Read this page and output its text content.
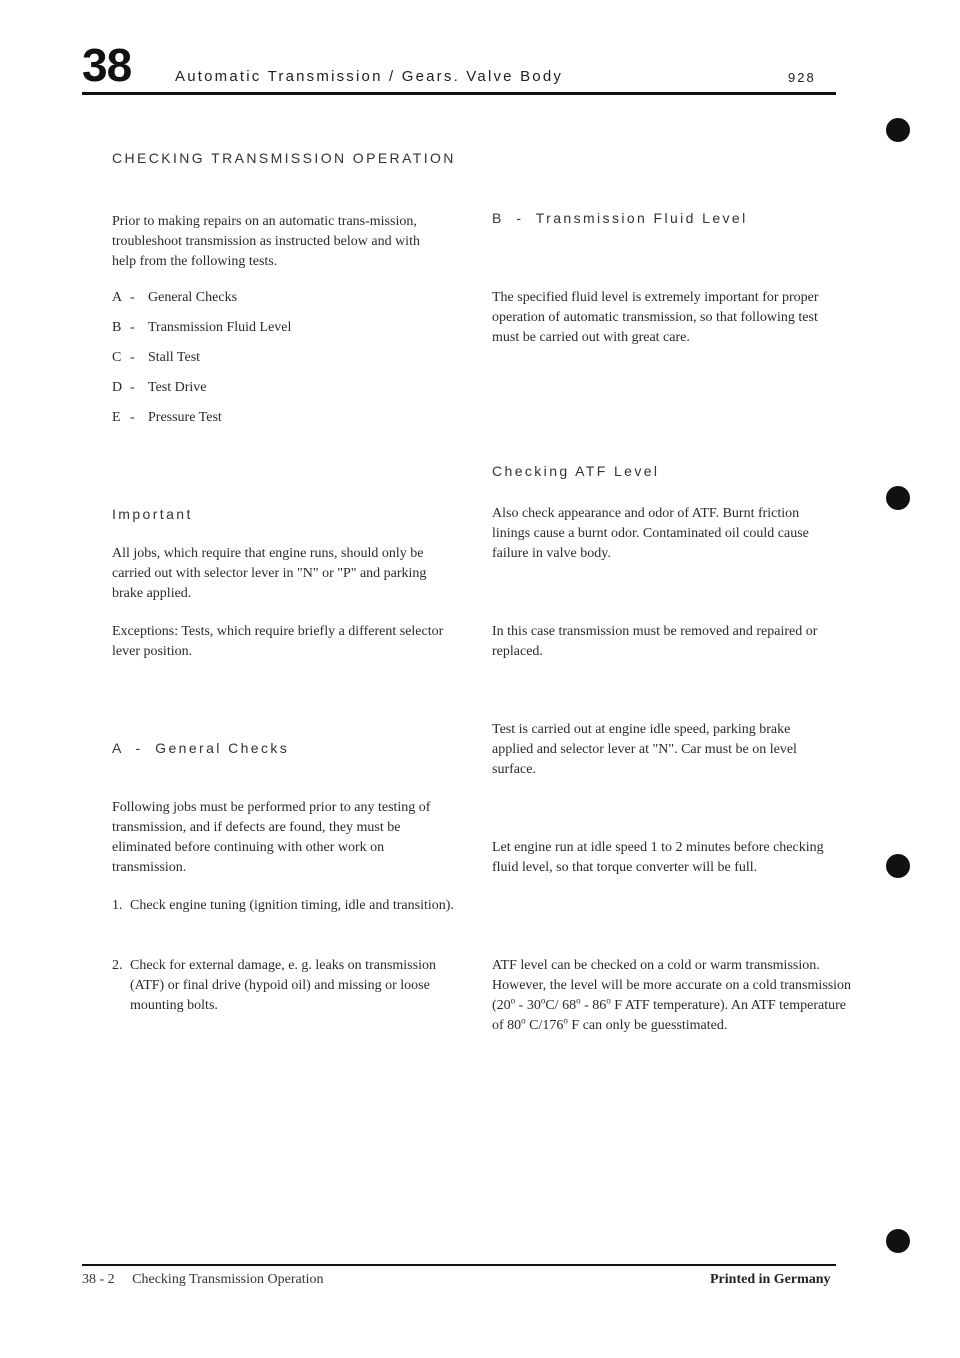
38	Automatic Transmission / Gears. Valve Body	928
CHECKING TRANSMISSION OPERATION
Prior to making repairs on an automatic trans-mission, troubleshoot transmission as instructed below and with help from the following tests.
A - General Checks
B - Transmission Fluid Level
C - Stall Test
D - Test Drive
E - Pressure Test
Important
All jobs, which require that engine runs, should only be carried out with selector lever in "N" or "P" and parking brake applied.
Exceptions: Tests, which require briefly a different selector lever position.
A  -  General Checks
Following jobs must be performed prior to any testing of transmission, and if defects are found, they must be eliminated before continuing with other work on transmission.
1. Check engine tuning (ignition timing, idle and transition).
2. Check for external damage, e. g. leaks on transmission (ATF) or final drive (hypoid oil) and missing or loose mounting bolts.
B  -  Transmission Fluid Level
The specified fluid level is extremely important for proper operation of automatic transmission, so that following test must be carried out with great care.
Checking ATF Level
Also check appearance and odor of ATF. Burnt friction linings cause a burnt odor. Contaminated oil could cause failure in valve body.
In this case transmission must be removed and repaired or replaced.
Test is carried out at engine idle speed, parking brake applied and selector lever at "N". Car must be on level surface.
Let engine run at idle speed 1 to 2 minutes before checking fluid level, so that torque converter will be full.
ATF level can be checked on a cold or warm transmission. However, the level will be more accurate on a cold transmission (20$^o$ - 30$^o$C/ 68$^o$ - 86$^o$ F ATF temperature). An ATF temperature of 80$^o$ C/176$^o$ F can only be guesstimated.
38 - 2     Checking Transmission Operation	Printed in Germany
